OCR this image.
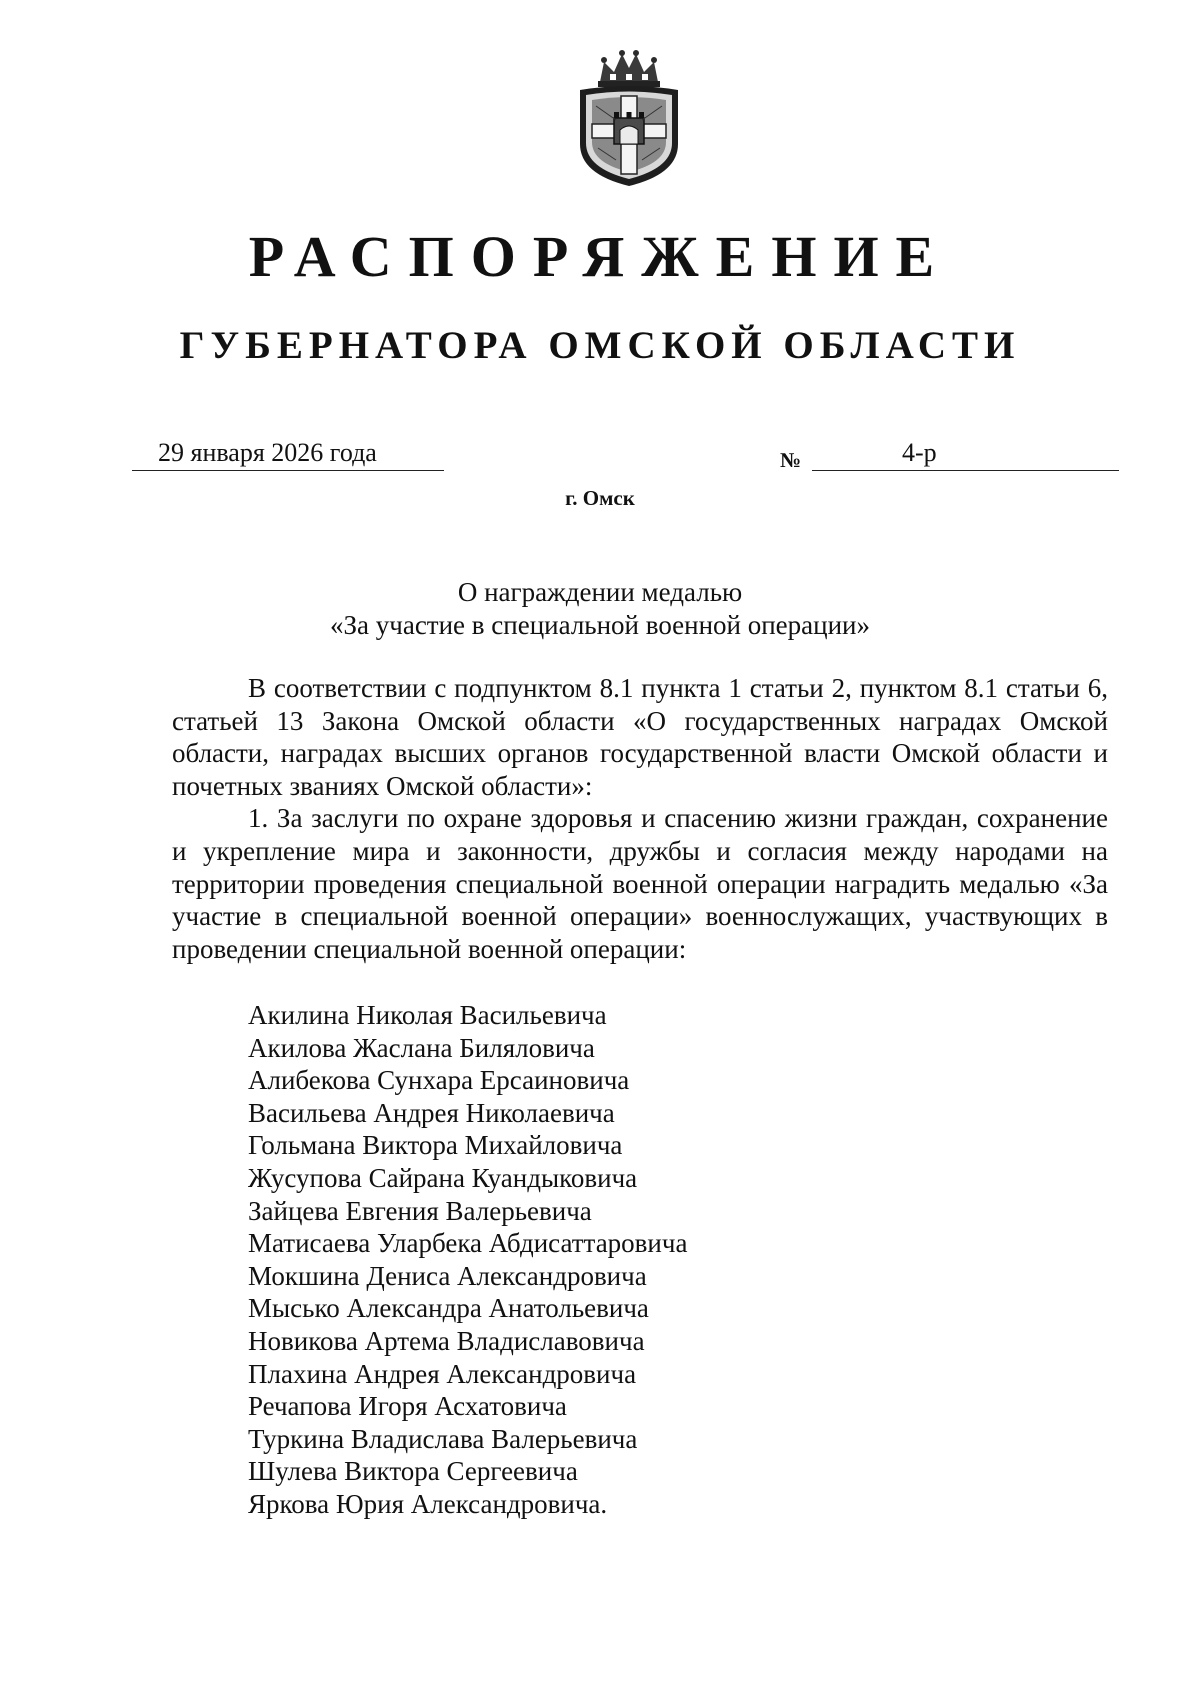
РАСПОРЯЖЕНИЕ
ГУБЕРНАТОРА ОМСКОЙ ОБЛАСТИ
29 января 2026 года	№	4-р
г. Омск
О награждении медалью
«За участие в специальной военной операции»

В соответствии с подпунктом 8.1 пункта 1 статьи 2, пунктом 8.1 статьи 6, статьей 13 Закона Омской области «О государственных наградах Омской области, наградах высших органов государственной власти Омской области и почетных званиях Омской области»:

1. За заслуги по охране здоровья и спасению жизни граждан, сохранение и укрепление мира и законности, дружбы и согласия между народами на территории проведения специальной военной операции наградить медалью «За участие в специальной военной операции» военнослужащих, участвующих в проведении специальной военной операции:

Акилина Николая Васильевича
Акилова Жаслана Биляловича
Алибекова Сунхара Ерсаиновича
Васильева Андрея Николаевича
Гольмана Виктора Михайловича
Жусупова Сайрана Куандыковича
Зайцева Евгения Валерьевича
Матисаева Уларбека Абдисаттаровича
Мокшина Дениса Александровича
Мысько Александра Анатольевича
Новикова Артема Владиславовича
Плахина Андрея Александровича
Речапова Игоря Асхатовича
Туркина Владислава Валерьевича
Шулева Виктора Сергеевича
Яркова Юрия Александровича.
